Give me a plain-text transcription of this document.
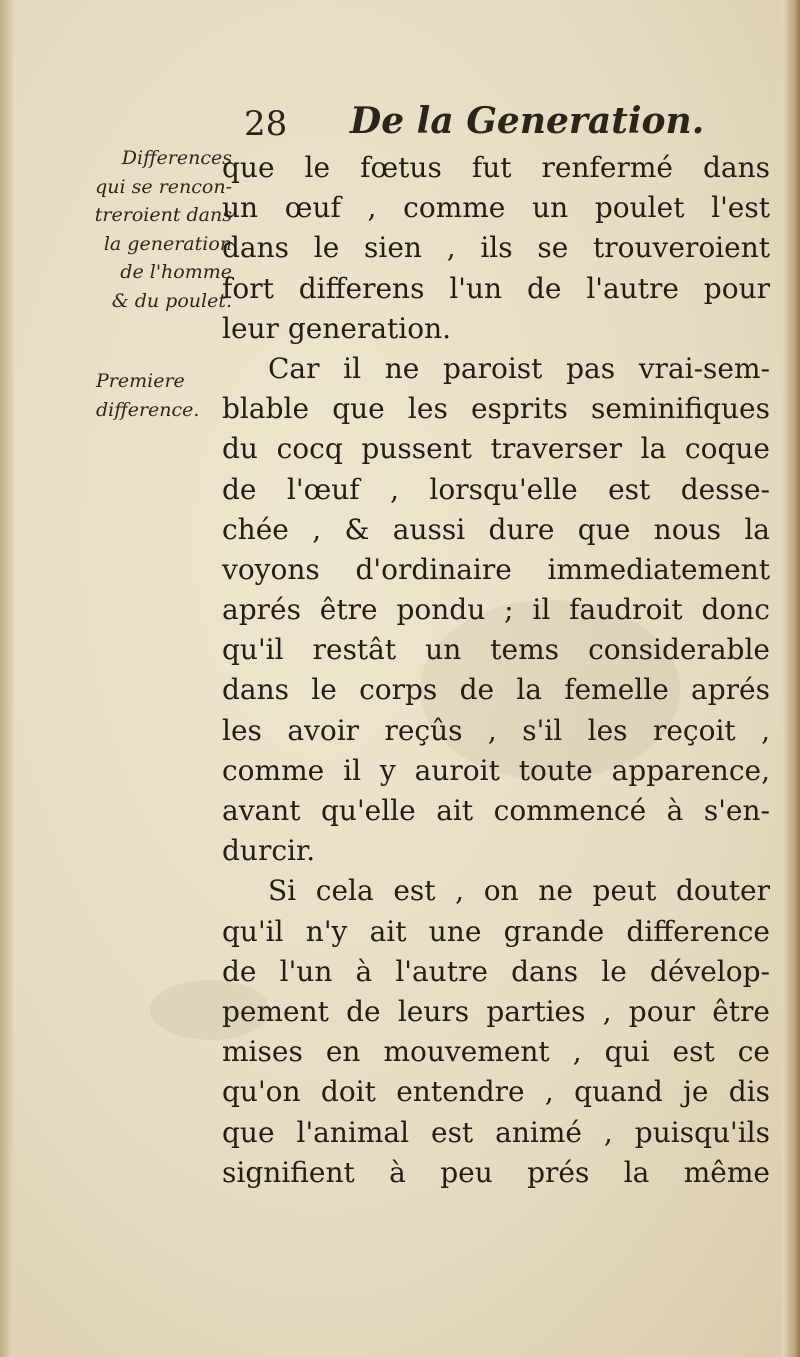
28 De la Generation.
Differences
qui se rencon-
treroient dans
la generation
de l'homme
& du poulet.
Premiere
difference.
que le fœtus fut renfermé dans
un œuf , comme un poulet l'est
dans le sien , ils se trouveroient
fort differens l'un de l'autre pour
leur generation.
Car il ne paroist pas vrai-sem-
blable que les esprits seminifiques
du cocq pussent traverser la coque
de l'œuf , lorsqu'elle est desse-
chée , & aussi dure que nous la
voyons d'ordinaire immediatement
aprés être pondu ; il faudroit donc
qu'il restât un tems considerable
dans le corps de la femelle aprés
les avoir reçûs , s'il les reçoit ,
comme il y auroit toute apparence,
avant qu'elle ait commencé à s'en-
durcir.
Si cela est , on ne peut douter
qu'il n'y ait une grande difference
de l'un à l'autre dans le dévelop-
pement de leurs parties , pour être
mises en mouvement , qui est ce
qu'on doit entendre , quand je dis
que l'animal est animé , puisqu'ils
signifient à peu prés la même
